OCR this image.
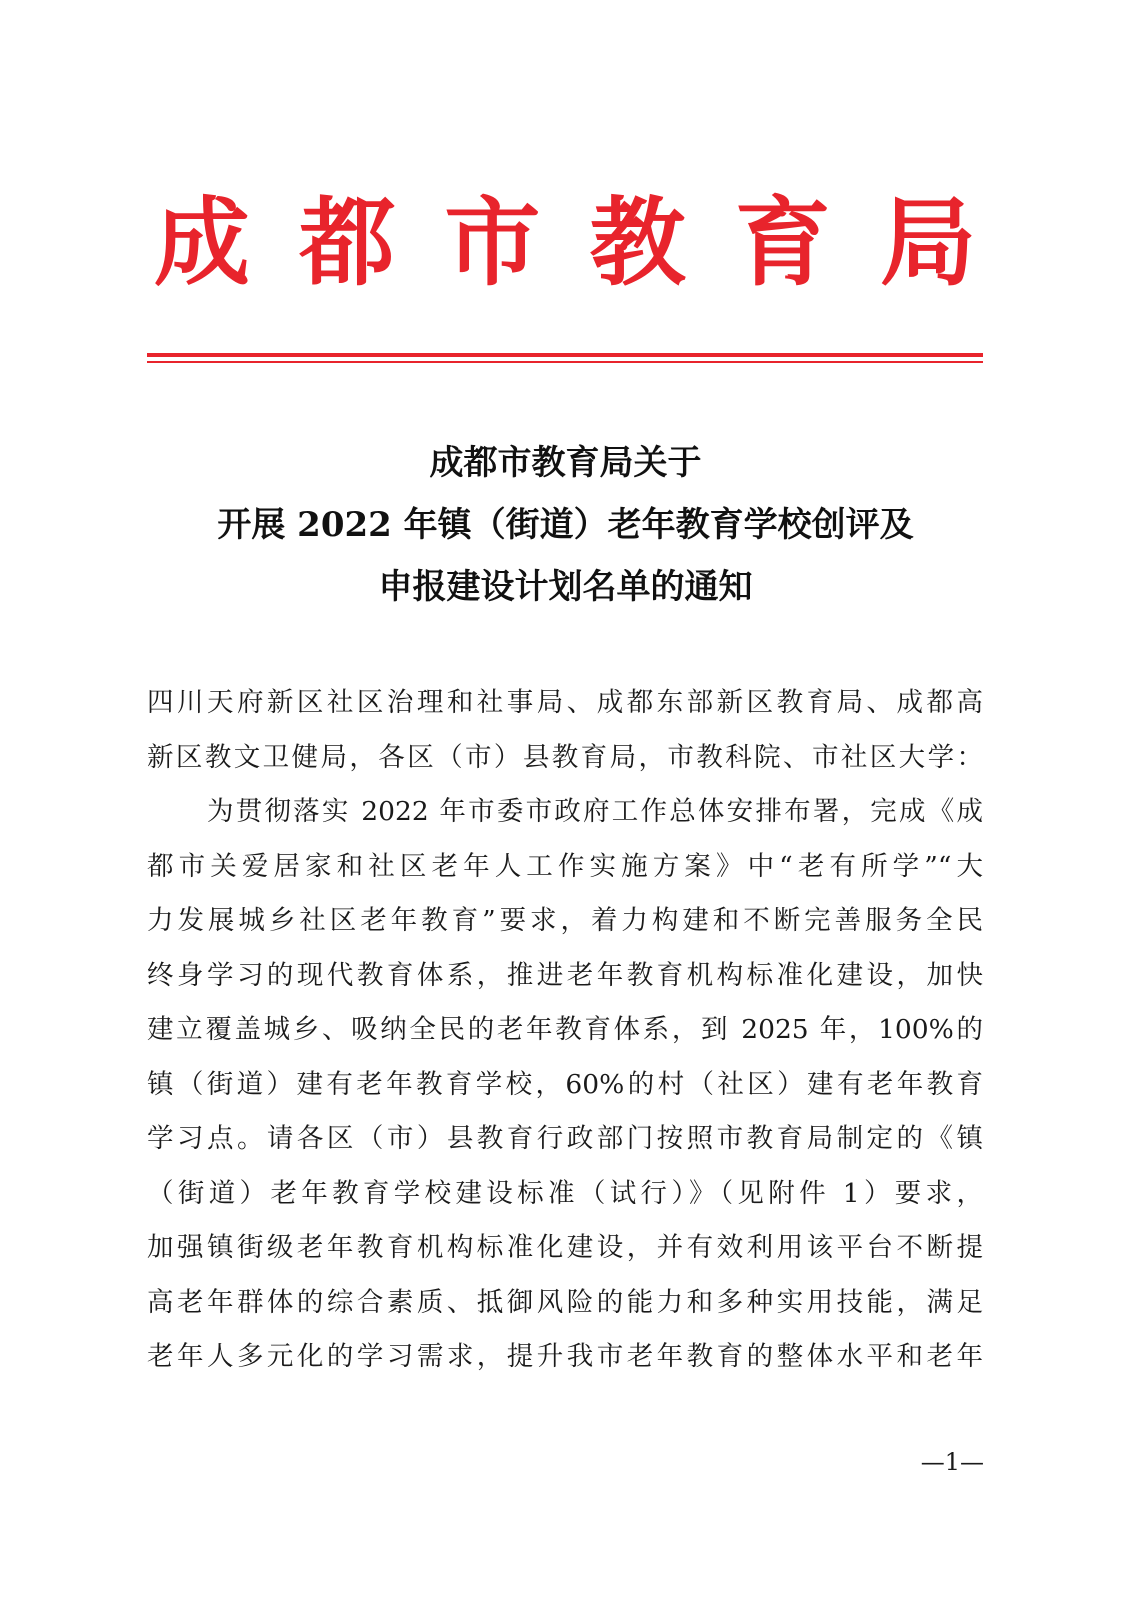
成 都 市 教 育 局
成都市教育局关于
开展 2022 年镇（街道）老年教育学校创评及
申报建设计划名单的通知
四川天府新区社区治理和社事局、成都东部新区教育局、成都高
新区教文卫健局，各区（市）县教育局，市教科院、市社区大学：
为贯彻落实 2022 年市委市政府工作总体安排布署，完成《成
都市关爱居家和社区老年人工作实施方案》中“老有所学”“大
力发展城乡社区老年教育”要求，着力构建和不断完善服务全民
终身学习的现代教育体系，推进老年教育机构标准化建设，加快
建立覆盖城乡、吸纳全民的老年教育体系，到 2025 年，100%的
镇（街道）建有老年教育学校，60%的村（社区）建有老年教育
学习点。请各区（市）县教育行政部门按照市教育局制定的《镇
（街道）老年教育学校建设标准（试行）》（见附件 1）要求，
加强镇街级老年教育机构标准化建设，并有效利用该平台不断提
高老年群体的综合素质、抵御风险的能力和多种实用技能，满足
老年人多元化的学习需求，提升我市老年教育的整体水平和老年
—1—
